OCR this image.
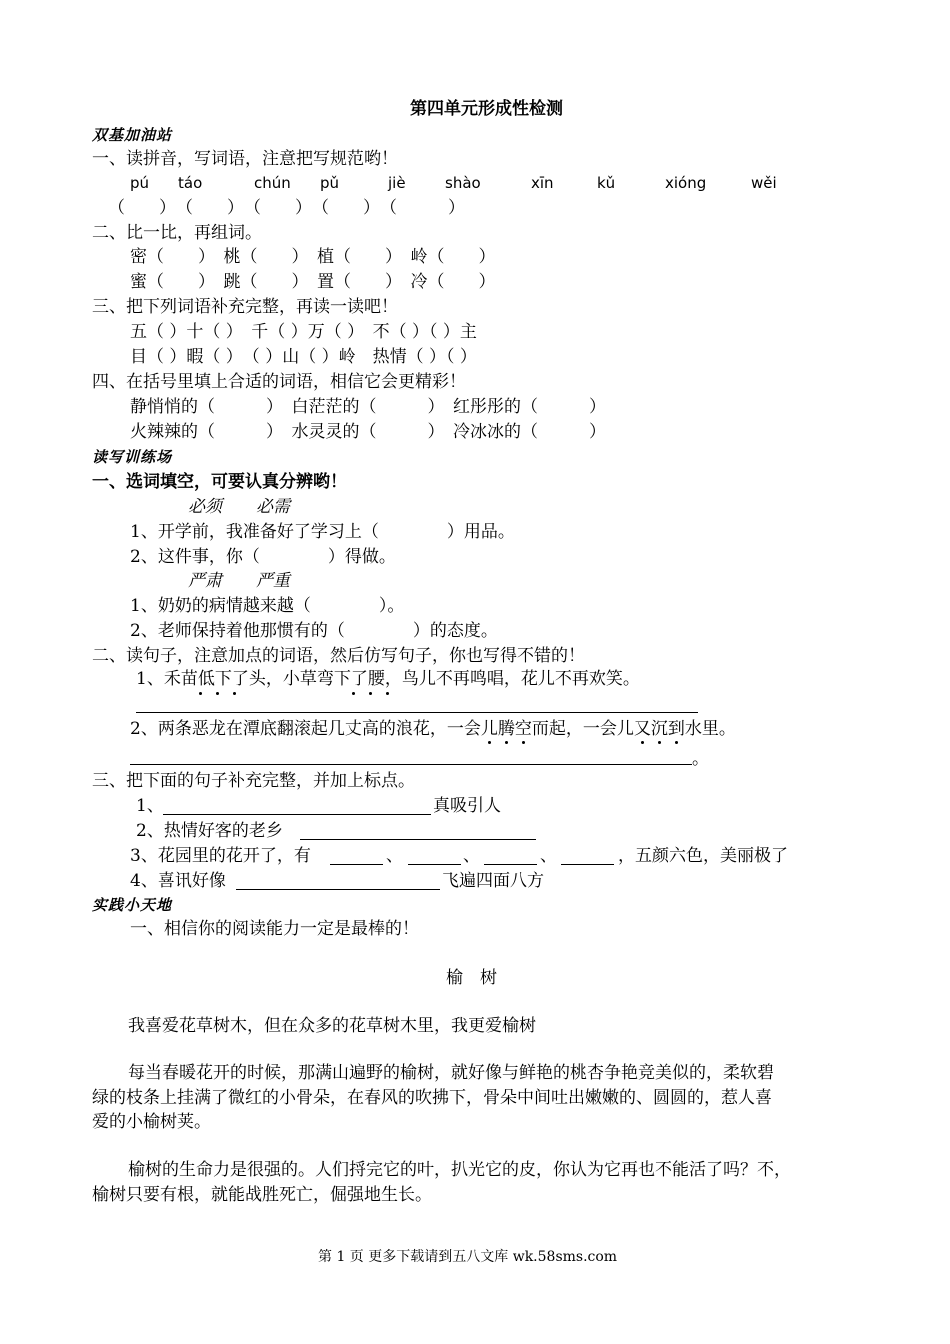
第四单元形成性检测
双基加油站
一、读拼音，写词语，注意把写规范哟！
pú táo	chún pǔ	jiè	shào	xīn	kǔ	xióng	wěi
（　　）　（　　）　（　　）　（　　）　（　　　）
二、比一比，再组词。
密（　　）　桃（　　）　植（　　）　岭（　　）
蜜（　　）　跳（　　）　置（　　）　冷（　　）
三、把下列词语补充完整，再读一读吧！
五（ ）十（ ）　千（ ）万（ ）　不（ ）（ ）主
目（ ）暇（ ）　（ ）山（ ）岭　热情（ ）（ ）
四、在括号里填上合适的词语，相信它会更精彩！
静悄悄的（　　　）　白茫茫的（　　　）　红彤彤的（　　　）
火辣辣的（　　　）　水灵灵的（　　　）　冷冰冰的（　　　）
读写训练场
一、选词填空，可要认真分辨哟！
必须　　必需
1、开学前，我准备好了学习上（　　　　）用品。
2、这件事，你（　　　　）得做。
严肃　　严重
1、奶奶的病情越来越（　　　　）。
2、老师保持着他那惯有的（　　　　）的态度。
二、读句子，注意加点的词语，然后仿写句子，你也写得不错的！
1、禾苗低下了头，小草弯下了腰，鸟儿不再鸣唱，花儿不再欢笑。
2、两条恶龙在潭底翻滚起几丈高的浪花，一会儿腾空而起，一会儿又沉到水里。
。
三、把下面的句子补充完整，并加上标点。
1、	真吸引人
2、热情好客的老乡
3、花园里的花开了，有	、	、	、	，五颜六色，美丽极了
4、喜讯好像	飞遍四面八方
实践小天地
一、相信你的阅读能力一定是最棒的！
榆　树
我喜爱花草树木，但在众多的花草树木里，我更爱榆树
每当春暖花开的时候，那满山遍野的榆树，就好像与鲜艳的桃杏争艳竞美似的，柔软碧
绿的枝条上挂满了微红的小骨朵，在春风的吹拂下，骨朵中间吐出嫩嫩的、圆圆的，惹人喜
爱的小榆树荚。
榆树的生命力是很强的。人们捋完它的叶，扒光它的皮，你认为它再也不能活了吗？不，
榆树只要有根，就能战胜死亡，倔强地生长。
第 1 页 更多下载请到五八文库 wk.58sms.com
